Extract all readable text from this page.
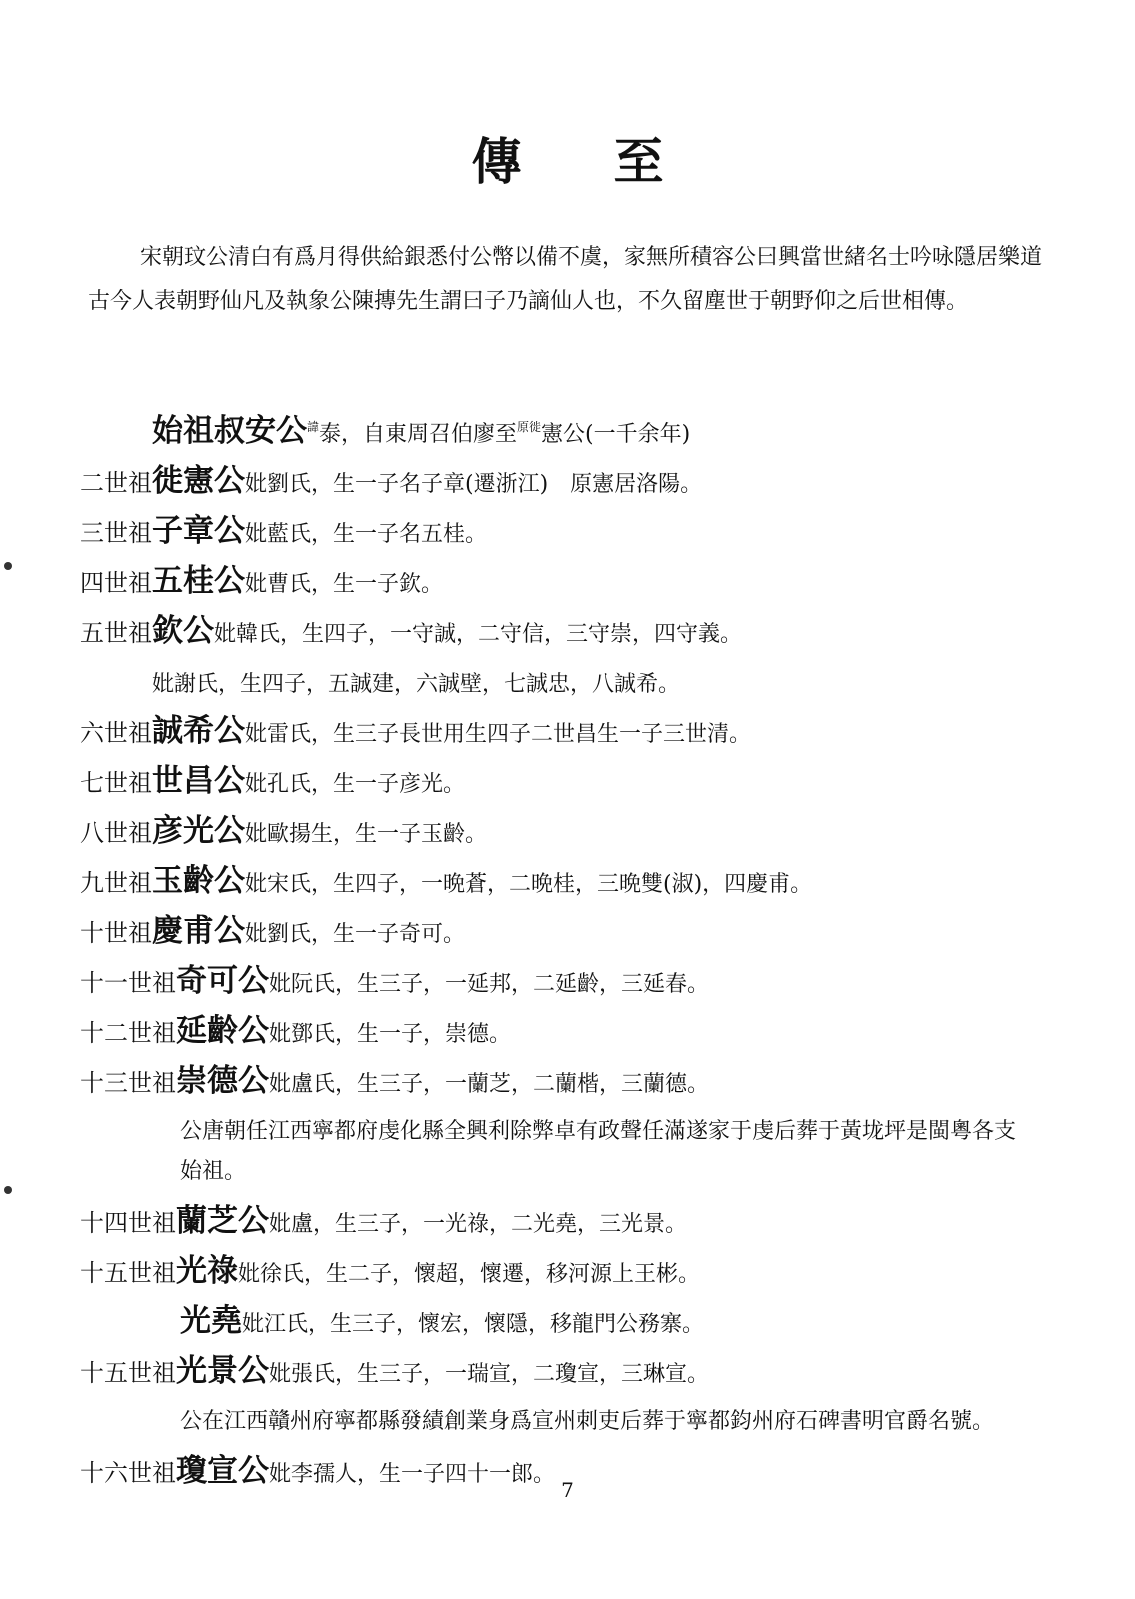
傳 至

宋朝玟公清白有爲月得供給銀悉付公幣以備不虞，家無所積容公曰興當世緒名士吟咏隱居樂道古今人表朝野仙凡及執象公陳摶先生謂曰子乃謫仙人也，不久留塵世于朝野仰之后世相傳。

始祖叔安公$^諱$泰，自東周召伯廖至$^{原徙}$憲公(一千余年)
二世祖徙憲公妣劉氏，生一子名子章(遷浙江)　原憲居洛陽。
三世祖子章公妣藍氏，生一子名五桂。
四世祖五桂公妣曹氏，生一子欽。
五世祖欽公妣韓氏，生四子，一守誠，二守信，三守崇，四守義。
妣謝氏，生四子，五誠建，六誠壁，七誠忠，八誠希。
六世祖誠希公妣雷氏，生三子長世用生四子二世昌生一子三世清。
七世祖世昌公妣孔氏，生一子彦光。
八世祖彦光公妣歐揚生，生一子玉齡。
九世祖玉齡公妣宋氏，生四子，一晩蒼，二晩桂，三晩雙(淑)，四慶甫。
十世祖慶甫公妣劉氏，生一子奇可。
十一世祖奇可公妣阮氏，生三子，一延邦，二延齡，三延春。
十二世祖延齡公妣鄧氏，生一子，崇德。
十三世祖崇德公妣盧氏，生三子，一蘭芝，二蘭楷，三蘭德。
公唐朝任江西寧都府虔化縣全興利除弊卓有政聲任滿遂家于虔后葬于黃垅坪是閩粵各支始祖。
十四世祖蘭芝公妣盧，生三子，一光祿，二光堯，三光景。
十五世祖光祿妣徐氏，生二子，懷超，懷遷，移河源上王彬。
光堯妣江氏，生三子，懷宏，懷隱，移龍門公務寨。
十五世祖光景公妣張氏，生三子，一瑞宣，二瓊宣，三琳宣。
公在江西贛州府寧都縣發績創業身爲宣州刺吏后葬于寧都鈞州府石碑書明官爵名號。
十六世祖瓊宣公妣李孺人，生一子四十一郎。
7
